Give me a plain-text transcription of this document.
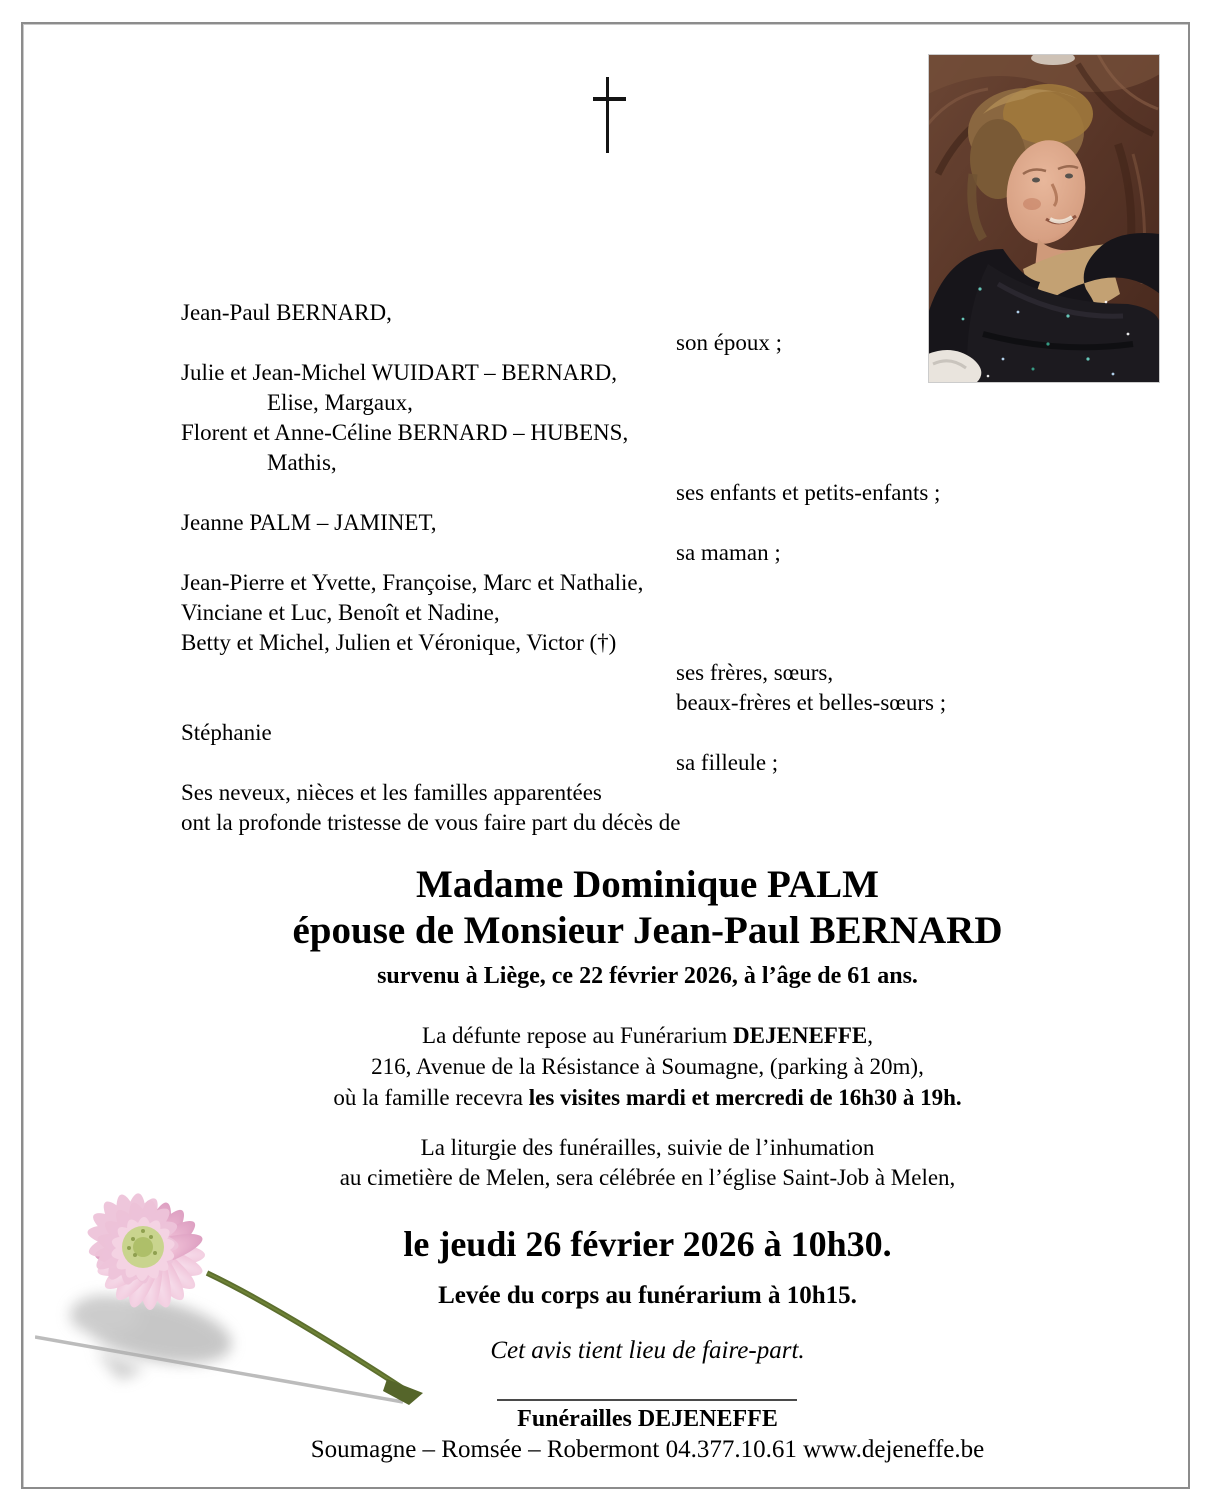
Jean-Paul BERNARD,
son époux ;
Julie et Jean-Michel WUIDART – BERNARD,
Elise, Margaux,
Florent et Anne-Céline BERNARD – HUBENS,
Mathis,
ses enfants et petits-enfants ;
Jeanne PALM – JAMINET,
sa maman ;
Jean-Pierre et Yvette, Françoise, Marc et Nathalie,
Vinciane et Luc, Benoît et Nadine,
Betty et Michel, Julien et Véronique, Victor (†)
ses frères, sœurs,
beaux-frères et belles-sœurs ;
Stéphanie
sa filleule ;
Ses neveux, nièces et les familles apparentées
ont la profonde tristesse de vous faire part du décès de
Madame Dominique PALM
épouse de Monsieur Jean-Paul BERNARD
survenu à Liège, ce 22 février 2026, à l’âge de 61 ans.
La défunte repose au Funérarium DEJENEFFE,
216, Avenue de la Résistance à Soumagne, (parking à 20m),
où la famille recevra les visites mardi et mercredi de 16h30 à 19h.
La liturgie des funérailles, suivie de l’inhumation
au cimetière de Melen, sera célébrée en l’église Saint-Job à Melen,
le jeudi 26 février 2026 à 10h30.
Levée du corps au funérarium à 10h15.
Cet avis tient lieu de faire-part.
Funérailles DEJENEFFE
Soumagne – Romsée – Robermont 04.377.10.61 www.dejeneffe.be
